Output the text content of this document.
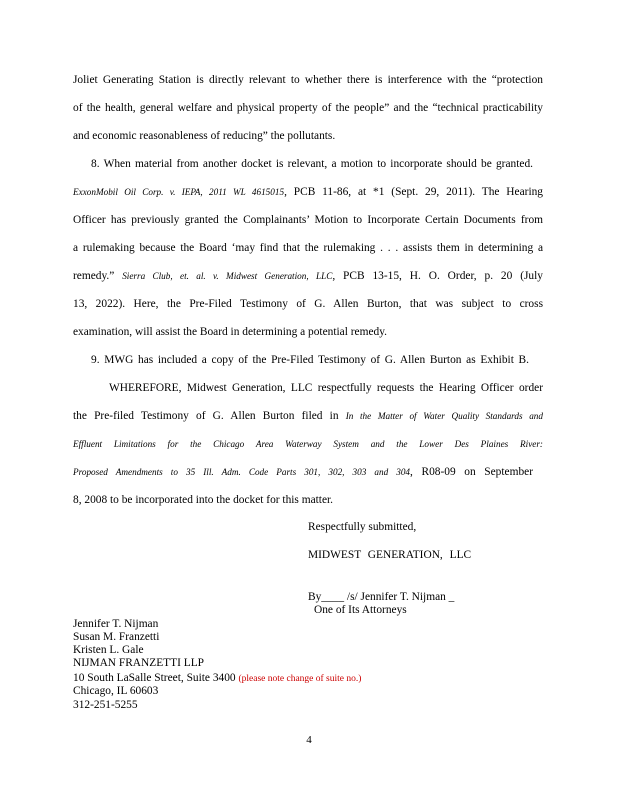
Joliet Generating Station is directly relevant to whether there is interference with the “protection
of the health, general welfare and physical property of the people” and the “technical practicability
and economic reasonableness of reducing” the pollutants.
8. When material from another docket is relevant, a motion to incorporate should be granted.
ExxonMobil Oil Corp. v. IEPA, 2011 WL 4615015, PCB 11-86, at *1 (Sept. 29, 2011). The Hearing
Officer has previously granted the Complainants’ Motion to Incorporate Certain Documents from
a rulemaking because the Board ‘may find that the rulemaking . . . assists them in determining a
remedy.” Sierra Club, et. al. v. Midwest Generation, LLC, PCB 13-15, H. O. Order, p. 20 (July
13, 2022). Here, the Pre-Filed Testimony of G. Allen Burton, that was subject to cross
examination, will assist the Board in determining a potential remedy.
9. MWG has included a copy of the Pre-Filed Testimony of G. Allen Burton as Exhibit B.
WHEREFORE, Midwest Generation, LLC respectfully requests the Hearing Officer order
the Pre-filed Testimony of G. Allen Burton filed in In the Matter of Water Quality Standards and
Effluent Limitations for the Chicago Area Waterway System and the Lower Des Plaines River:
Proposed Amendments to 35 Ill. Adm. Code Parts 301, 302, 303 and 304, R08-09 on September
8, 2008 to be incorporated into the docket for this matter.
Respectfully submitted,
MIDWEST GENERATION, LLC
By____ /s/ Jennifer T. Nijman _
One of Its Attorneys
Jennifer T. Nijman
Susan M. Franzetti
Kristen L. Gale
NIJMAN FRANZETTI LLP
10 South LaSalle Street, Suite 3400 (please note change of suite no.)
Chicago, IL 60603
312-251-5255
4
